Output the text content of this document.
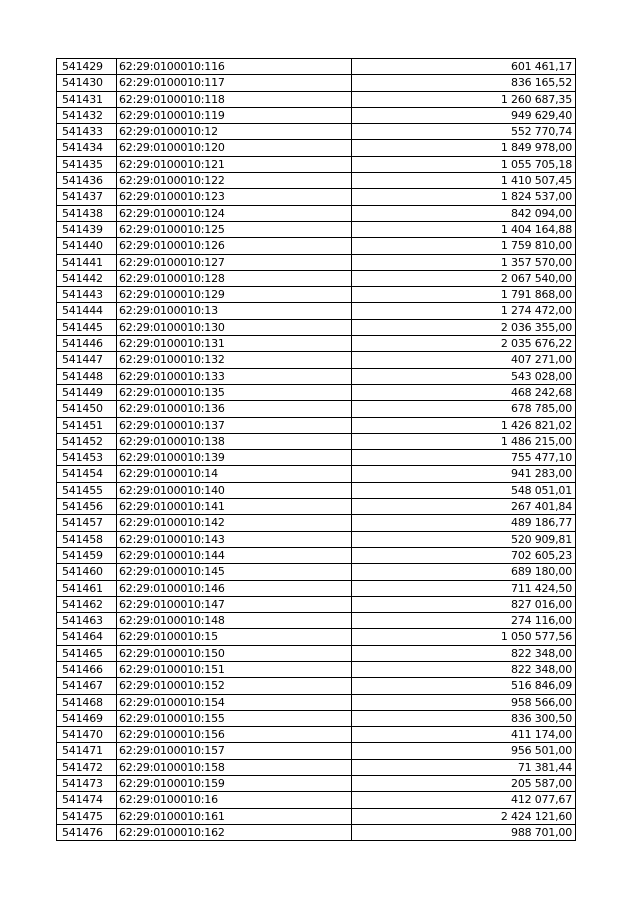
541429	62:29:0100010:116	601 461,17
541430	62:29:0100010:117	836 165,52
541431	62:29:0100010:118	1 260 687,35
541432	62:29:0100010:119	949 629,40
541433	62:29:0100010:12	552 770,74
541434	62:29:0100010:120	1 849 978,00
541435	62:29:0100010:121	1 055 705,18
541436	62:29:0100010:122	1 410 507,45
541437	62:29:0100010:123	1 824 537,00
541438	62:29:0100010:124	842 094,00
541439	62:29:0100010:125	1 404 164,88
541440	62:29:0100010:126	1 759 810,00
541441	62:29:0100010:127	1 357 570,00
541442	62:29:0100010:128	2 067 540,00
541443	62:29:0100010:129	1 791 868,00
541444	62:29:0100010:13	1 274 472,00
541445	62:29:0100010:130	2 036 355,00
541446	62:29:0100010:131	2 035 676,22
541447	62:29:0100010:132	407 271,00
541448	62:29:0100010:133	543 028,00
541449	62:29:0100010:135	468 242,68
541450	62:29:0100010:136	678 785,00
541451	62:29:0100010:137	1 426 821,02
541452	62:29:0100010:138	1 486 215,00
541453	62:29:0100010:139	755 477,10
541454	62:29:0100010:14	941 283,00
541455	62:29:0100010:140	548 051,01
541456	62:29:0100010:141	267 401,84
541457	62:29:0100010:142	489 186,77
541458	62:29:0100010:143	520 909,81
541459	62:29:0100010:144	702 605,23
541460	62:29:0100010:145	689 180,00
541461	62:29:0100010:146	711 424,50
541462	62:29:0100010:147	827 016,00
541463	62:29:0100010:148	274 116,00
541464	62:29:0100010:15	1 050 577,56
541465	62:29:0100010:150	822 348,00
541466	62:29:0100010:151	822 348,00
541467	62:29:0100010:152	516 846,09
541468	62:29:0100010:154	958 566,00
541469	62:29:0100010:155	836 300,50
541470	62:29:0100010:156	411 174,00
541471	62:29:0100010:157	956 501,00
541472	62:29:0100010:158	71 381,44
541473	62:29:0100010:159	205 587,00
541474	62:29:0100010:16	412 077,67
541475	62:29:0100010:161	2 424 121,60
541476	62:29:0100010:162	988 701,00
